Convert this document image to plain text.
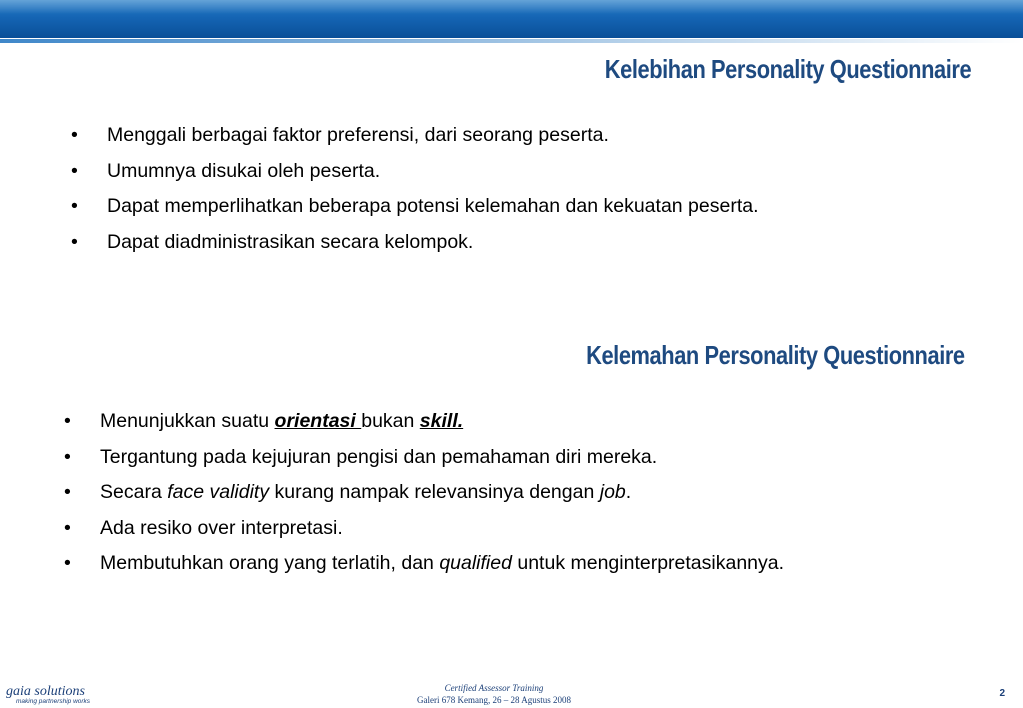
Kelebihan Personality Questionnaire
• Menggali berbagai faktor preferensi, dari seorang peserta.
• Umumnya disukai oleh peserta.
• Dapat memperlihatkan beberapa potensi kelemahan dan kekuatan peserta.
• Dapat diadministrasikan secara kelompok.
Kelemahan Personality Questionnaire
• Menunjukkan suatu orientasi bukan skill.
• Tergantung pada kejujuran pengisi dan pemahaman diri mereka.
• Secara face validity kurang nampak relevansinya dengan job.
• Ada resiko over interpretasi.
• Membutuhkan orang yang terlatih, dan qualified untuk menginterpretasikannya.
gaia solutions
making partnership works
Certified Assessor Training
Galeri 678 Kemang, 26 – 28 Agustus 2008
2
